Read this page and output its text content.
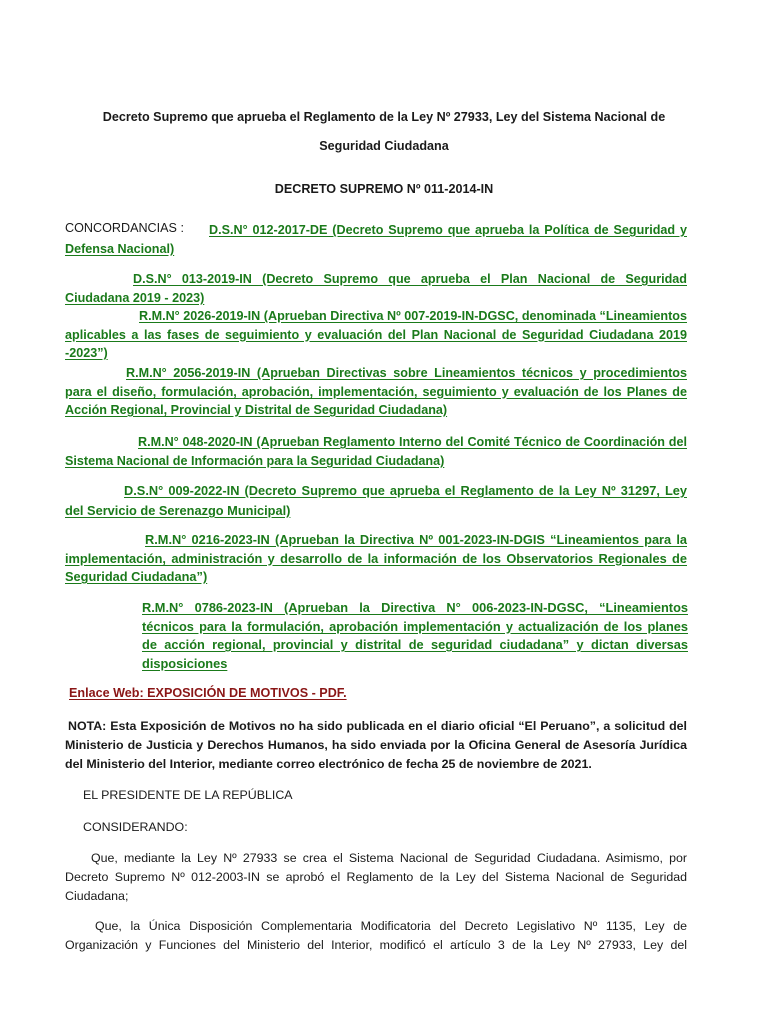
Decreto Supremo que aprueba el Reglamento de la Ley Nº 27933, Ley del Sistema Nacional de

Seguridad Ciudadana

DECRETO SUPREMO Nº 011-2014-IN

CONCORDANCIAS :	D.S.N° 012-2017-DE (Decreto Supremo que aprueba la Política de Seguridad y Defensa Nacional)

D.S.N° 013-2019-IN (Decreto Supremo que aprueba el Plan Nacional de Seguridad Ciudadana 2019 - 2023)

R.M.N° 2026-2019-IN (Aprueban Directiva Nº 007-2019-IN-DGSC, denominada “Lineamientos aplicables a las fases de seguimiento y evaluación del Plan Nacional de Seguridad Ciudadana 2019 -2023”)

R.M.N° 2056-2019-IN (Aprueban Directivas sobre Lineamientos técnicos y procedimientos para el diseño, formulación, aprobación, implementación, seguimiento y evaluación de los Planes de Acción Regional, Provincial y Distrital de Seguridad Ciudadana)

R.M.N° 048-2020-IN (Aprueban Reglamento Interno del Comité Técnico de Coordinación del Sistema Nacional de Información para la Seguridad Ciudadana)

D.S.N° 009-2022-IN (Decreto Supremo que aprueba el Reglamento de la Ley Nº 31297, Ley del Servicio de Serenazgo Municipal)

R.M.N° 0216-2023-IN (Aprueban la Directiva Nº 001-2023-IN-DGIS “Lineamientos para la implementación, administración y desarrollo de la información de los Observatorios Regionales de Seguridad Ciudadana”)

R.M.N° 0786-2023-IN (Aprueban la Directiva N° 006-2023-IN-DGSC, “Lineamientos técnicos para la formulación, aprobación implementación y actualización de los planes de acción regional, provincial y distrital de seguridad ciudadana” y dictan diversas disposiciones

Enlace Web: EXPOSICIÓN DE MOTIVOS - PDF.

NOTA: Esta Exposición de Motivos no ha sido publicada en el diario oficial “El Peruano”, a solicitud del Ministerio de Justicia y Derechos Humanos, ha sido enviada por la Oficina General de Asesoría Jurídica del Ministerio del Interior, mediante correo electrónico de fecha 25 de noviembre de 2021.

EL PRESIDENTE DE LA REPÚBLICA

CONSIDERANDO:

Que, mediante la Ley Nº 27933 se crea el Sistema Nacional de Seguridad Ciudadana. Asimismo, por Decreto Supremo Nº 012-2003-IN se aprobó el Reglamento de la Ley del Sistema Nacional de Seguridad Ciudadana;

Que, la Única Disposición Complementaria Modificatoria del Decreto Legislativo Nº 1135, Ley de Organización y Funciones del Ministerio del Interior, modificó el artículo 3 de la Ley Nº 27933, Ley del
